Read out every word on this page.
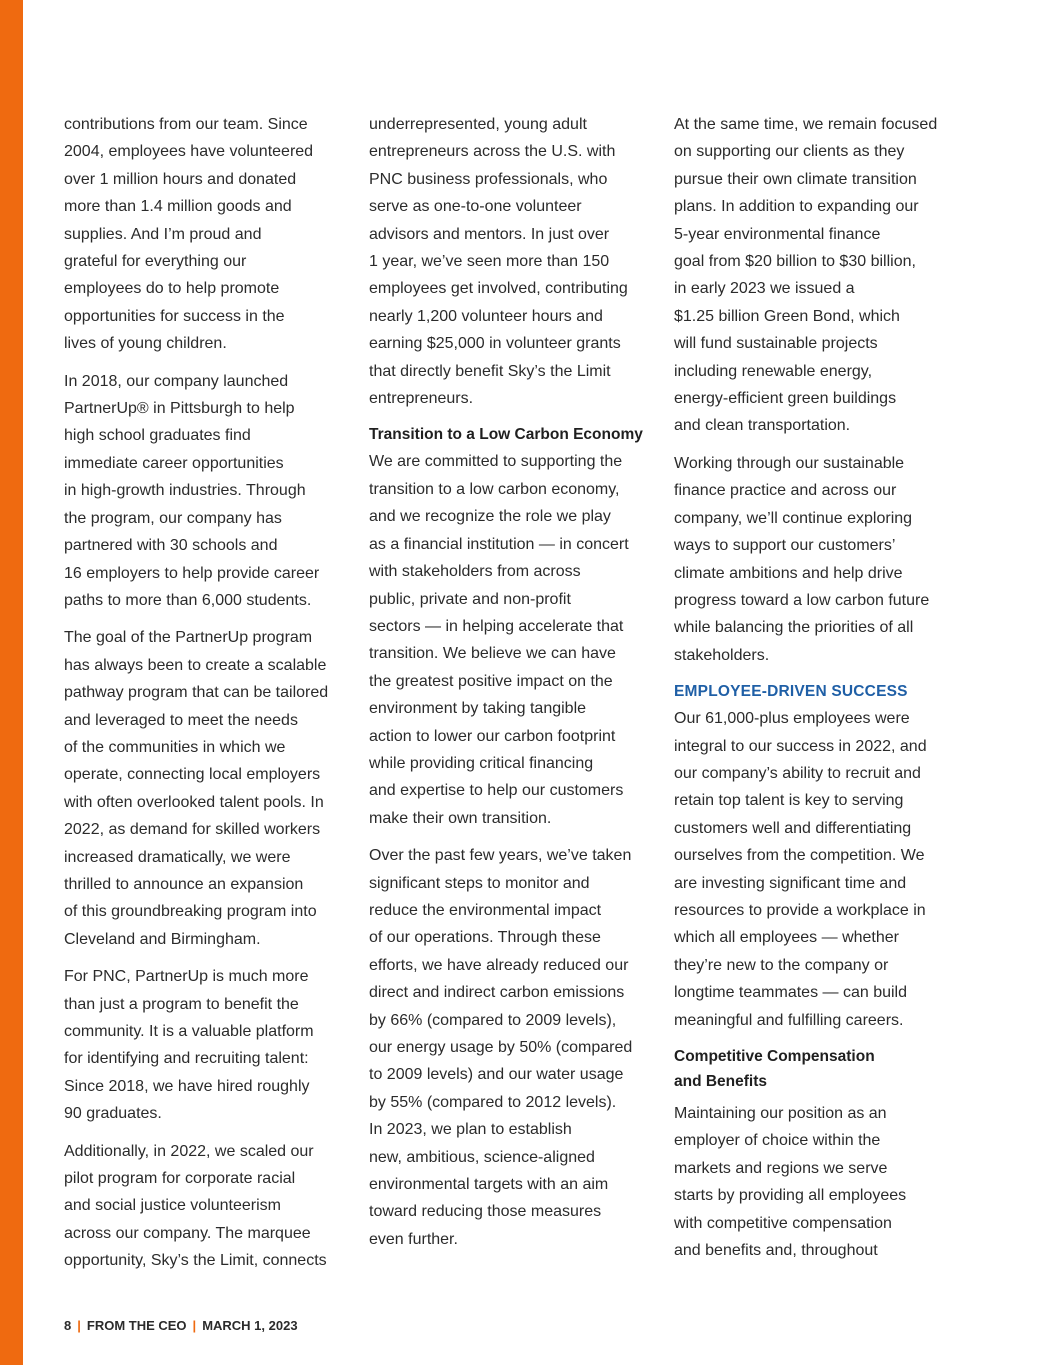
contributions from our team. Since
2004, employees have volunteered
over 1 million hours and donated
more than 1.4 million goods and
supplies. And I’m proud and
grateful for everything our
employees do to help promote
opportunities for success in the
lives of young children.

In 2018, our company launched
PartnerUp® in Pittsburgh to help
high school graduates find
immediate career opportunities
in high-growth industries. Through
the program, our company has
partnered with 30 schools and
16 employers to help provide career
paths to more than 6,000 students.

The goal of the PartnerUp program
has always been to create a scalable
pathway program that can be tailored
and leveraged to meet the needs
of the communities in which we
operate, connecting local employers
with often overlooked talent pools. In
2022, as demand for skilled workers
increased dramatically, we were
thrilled to announce an expansion
of this groundbreaking program into
Cleveland and Birmingham.

For PNC, PartnerUp is much more
than just a program to benefit the
community. It is a valuable platform
for identifying and recruiting talent:
Since 2018, we have hired roughly
90 graduates.

Additionally, in 2022, we scaled our
pilot program for corporate racial
and social justice volunteerism
across our company. The marquee
opportunity, Sky’s the Limit, connects

underrepresented, young adult
entrepreneurs across the U.S. with
PNC business professionals, who
serve as one-to-one volunteer
advisors and mentors. In just over
1 year, we’ve seen more than 150
employees get involved, contributing
nearly 1,200 volunteer hours and
earning $25,000 in volunteer grants
that directly benefit Sky’s the Limit
entrepreneurs.

Transition to a Low Carbon Economy

We are committed to supporting the
transition to a low carbon economy,
and we recognize the role we play
as a financial institution — in concert
with stakeholders from across
public, private and non-profit
sectors — in helping accelerate that
transition. We believe we can have
the greatest positive impact on the
environment by taking tangible
action to lower our carbon footprint
while providing critical financing
and expertise to help our customers
make their own transition.

Over the past few years, we’ve taken
significant steps to monitor and
reduce the environmental impact
of our operations. Through these
efforts, we have already reduced our
direct and indirect carbon emissions
by 66% (compared to 2009 levels),
our energy usage by 50% (compared
to 2009 levels) and our water usage
by 55% (compared to 2012 levels).
In 2023, we plan to establish
new, ambitious, science-aligned
environmental targets with an aim
toward reducing those measures
even further.

At the same time, we remain focused
on supporting our clients as they
pursue their own climate transition
plans. In addition to expanding our
5-year environmental finance
goal from $20 billion to $30 billion,
in early 2023 we issued a
$1.25 billion Green Bond, which
will fund sustainable projects
including renewable energy,
energy-efficient green buildings
and clean transportation.

Working through our sustainable
finance practice and across our
company, we’ll continue exploring
ways to support our customers’
climate ambitions and help drive
progress toward a low carbon future
while balancing the priorities of all
stakeholders.

EMPLOYEE-DRIVEN SUCCESS

Our 61,000-plus employees were
integral to our success in 2022, and
our company’s ability to recruit and
retain top talent is key to serving
customers well and differentiating
ourselves from the competition. We
are investing significant time and
resources to provide a workplace in
which all employees — whether
they’re new to the company or
longtime teammates — can build
meaningful and fulfilling careers.

Competitive Compensation
and Benefits

Maintaining our position as an
employer of choice within the
markets and regions we serve
starts by providing all employees
with competitive compensation
and benefits and, throughout

8 | FROM THE CEO | MARCH 1, 2023
